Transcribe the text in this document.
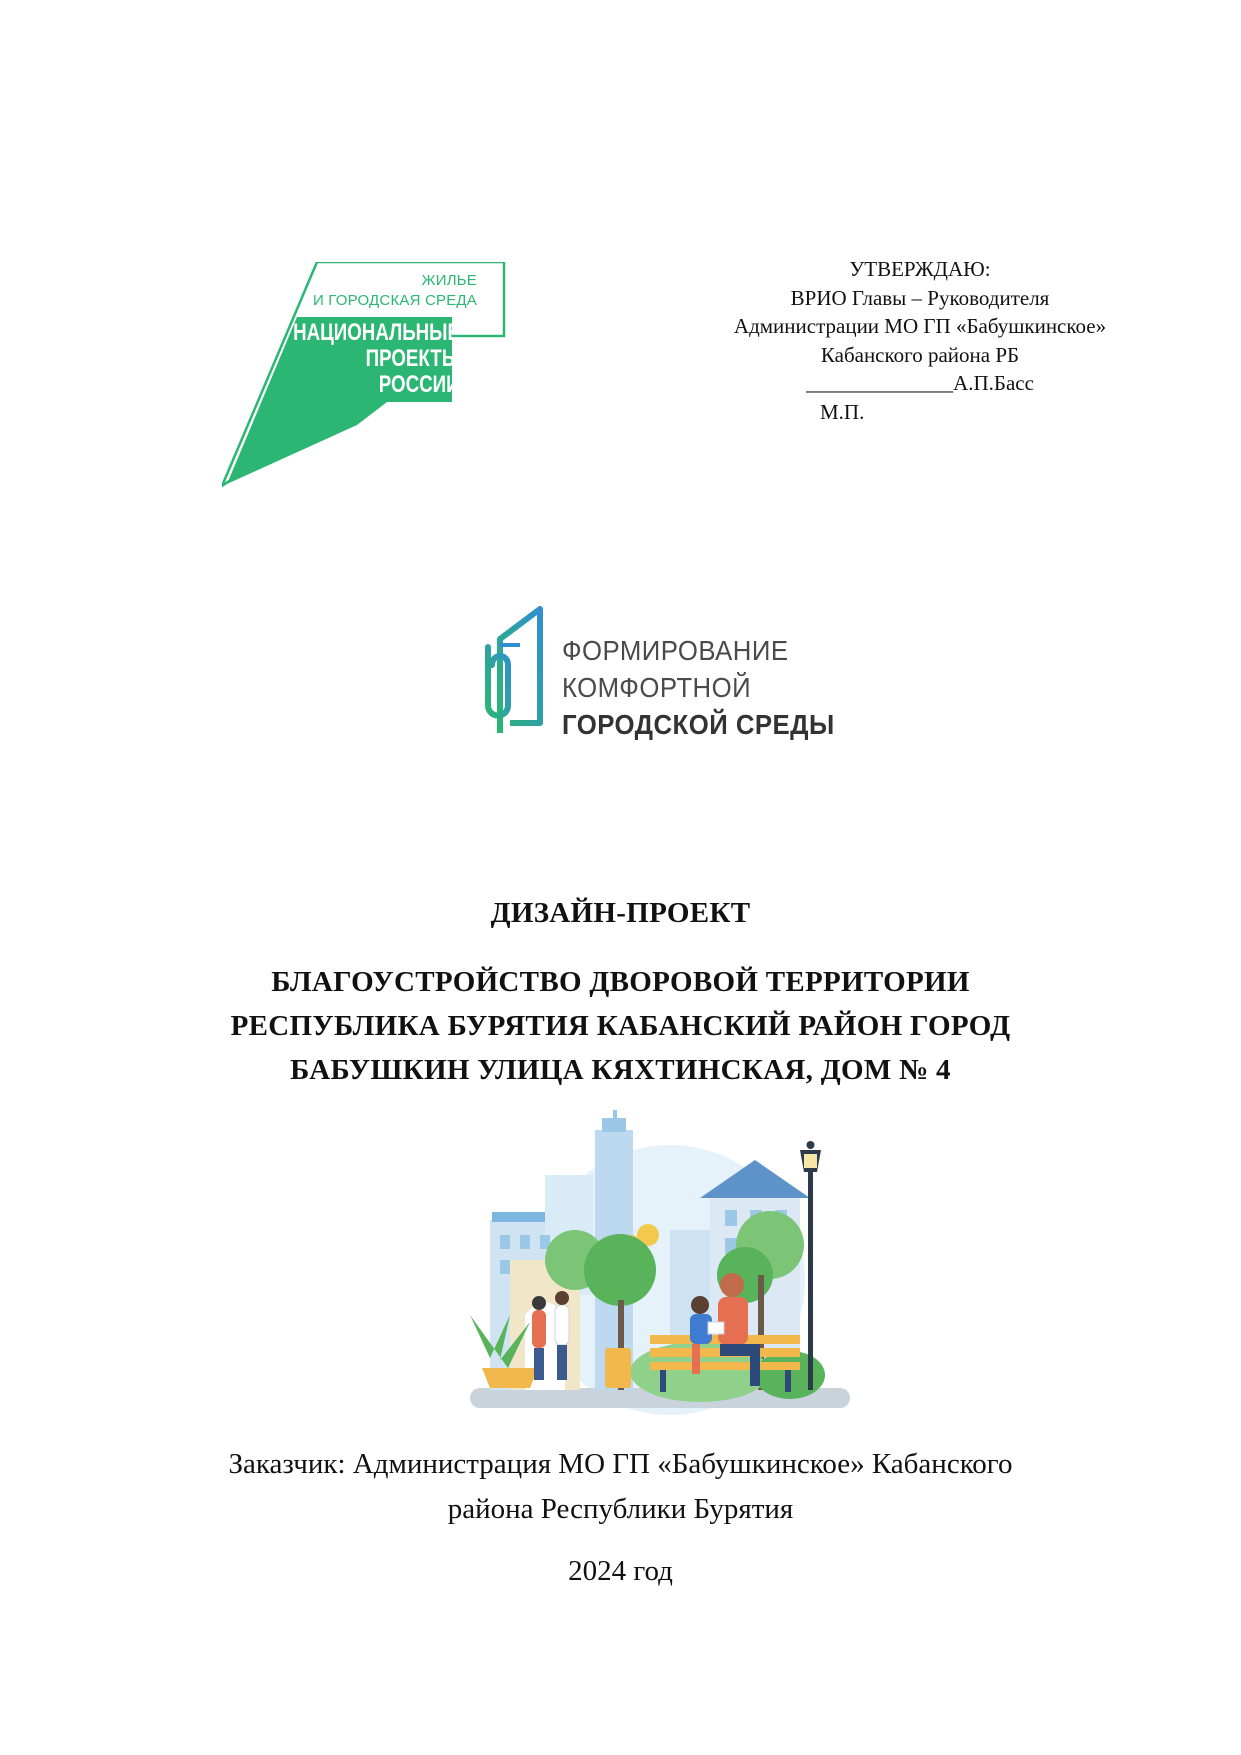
ЖИЛЬЕ
И ГОРОДСКАЯ СРЕДА
НАЦИОНАЛЬНЫЕ
ПРОЕКТЫ
РОССИИ
УТВЕРЖДАЮ:
ВРИО Главы – Руководителя
Администрации МО ГП «Бабушкинское»
Кабанского района РБ
______________А.П.Басс
М.П.
ФОРМИРОВАНИЕ
КОМФОРТНОЙ
ГОРОДСКОЙ СРЕДЫ
ДИЗАЙН-ПРОЕКТ
БЛАГОУСТРОЙСТВО ДВОРОВОЙ ТЕРРИТОРИИ
РЕСПУБЛИКА БУРЯТИЯ КАБАНСКИЙ РАЙОН ГОРОД
БАБУШКИН УЛИЦА КЯХТИНСКАЯ, ДОМ № 4
Заказчик: Администрация МО ГП «Бабушкинское» Кабанского
района Республики Бурятия
2024 год
